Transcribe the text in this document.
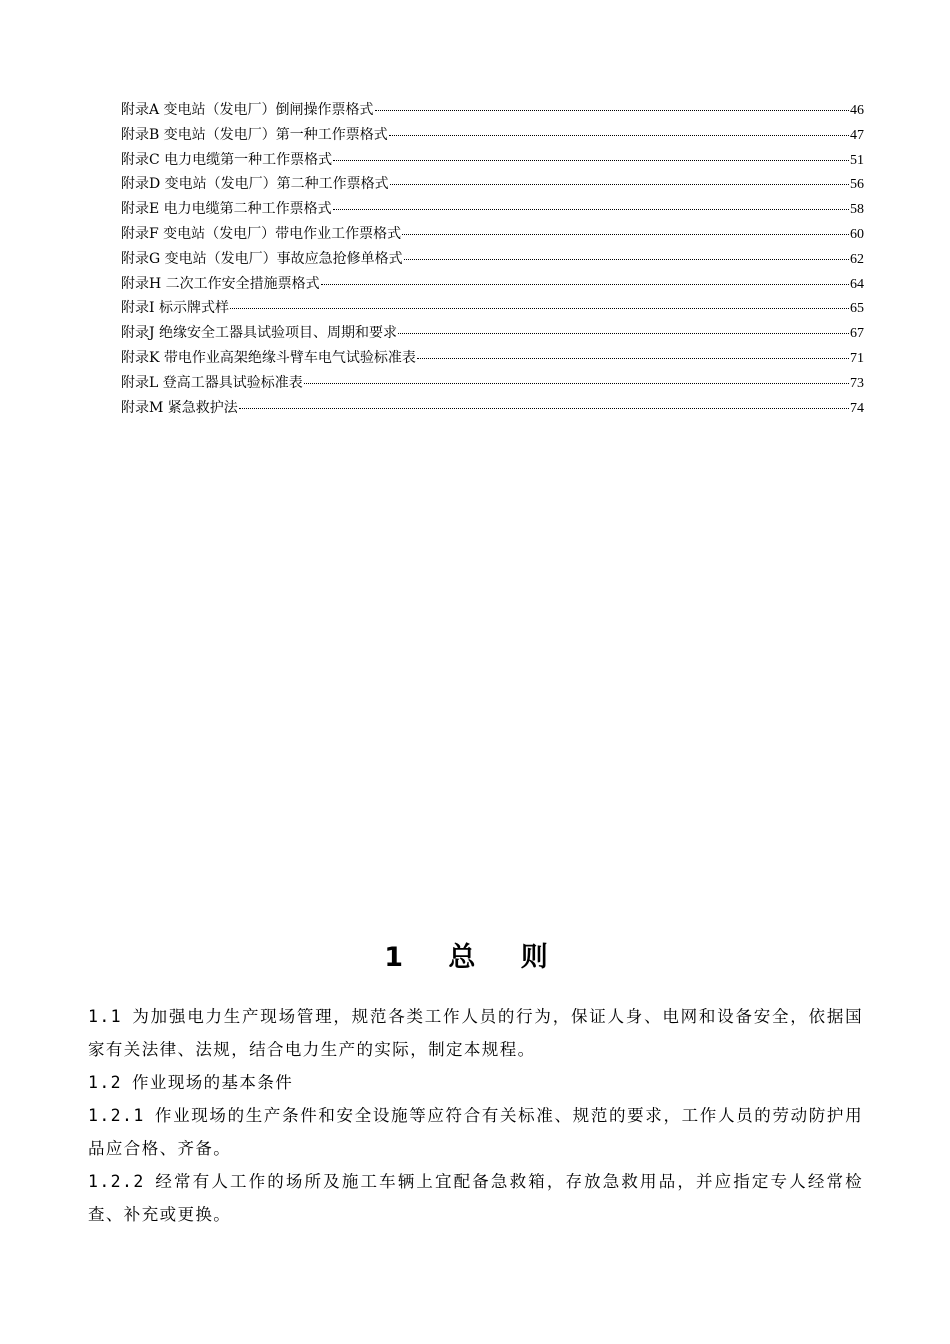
附录A 变电站（发电厂）倒闸操作票格式	46
附录B 变电站（发电厂）第一种工作票格式	47
附录C 电力电缆第一种工作票格式	51
附录D 变电站（发电厂）第二种工作票格式	56
附录E 电力电缆第二种工作票格式	58
附录F 变电站（发电厂）带电作业工作票格式	60
附录G 变电站（发电厂）事故应急抢修单格式	62
附录H 二次工作安全措施票格式	64
附录I 标示牌式样	65
附录J 绝缘安全工器具试验项目、周期和要求	67
附录K 带电作业高架绝缘斗臂车电气试验标准表	71
附录L 登高工器具试验标准表	73
附录M 紧急救护法	74
1 总 则

1.1 为加强电力生产现场管理，规范各类工作人员的行为，保证人身、电网和设备安全，依据国家有关法律、法规，结合电力生产的实际，制定本规程。

1.2 作业现场的基本条件

1.2.1 作业现场的生产条件和安全设施等应符合有关标准、规范的要求，工作人员的劳动防护用品应合格、齐备。

1.2.2 经常有人工作的场所及施工车辆上宜配备急救箱，存放急救用品，并应指定专人经常检查、补充或更换。
